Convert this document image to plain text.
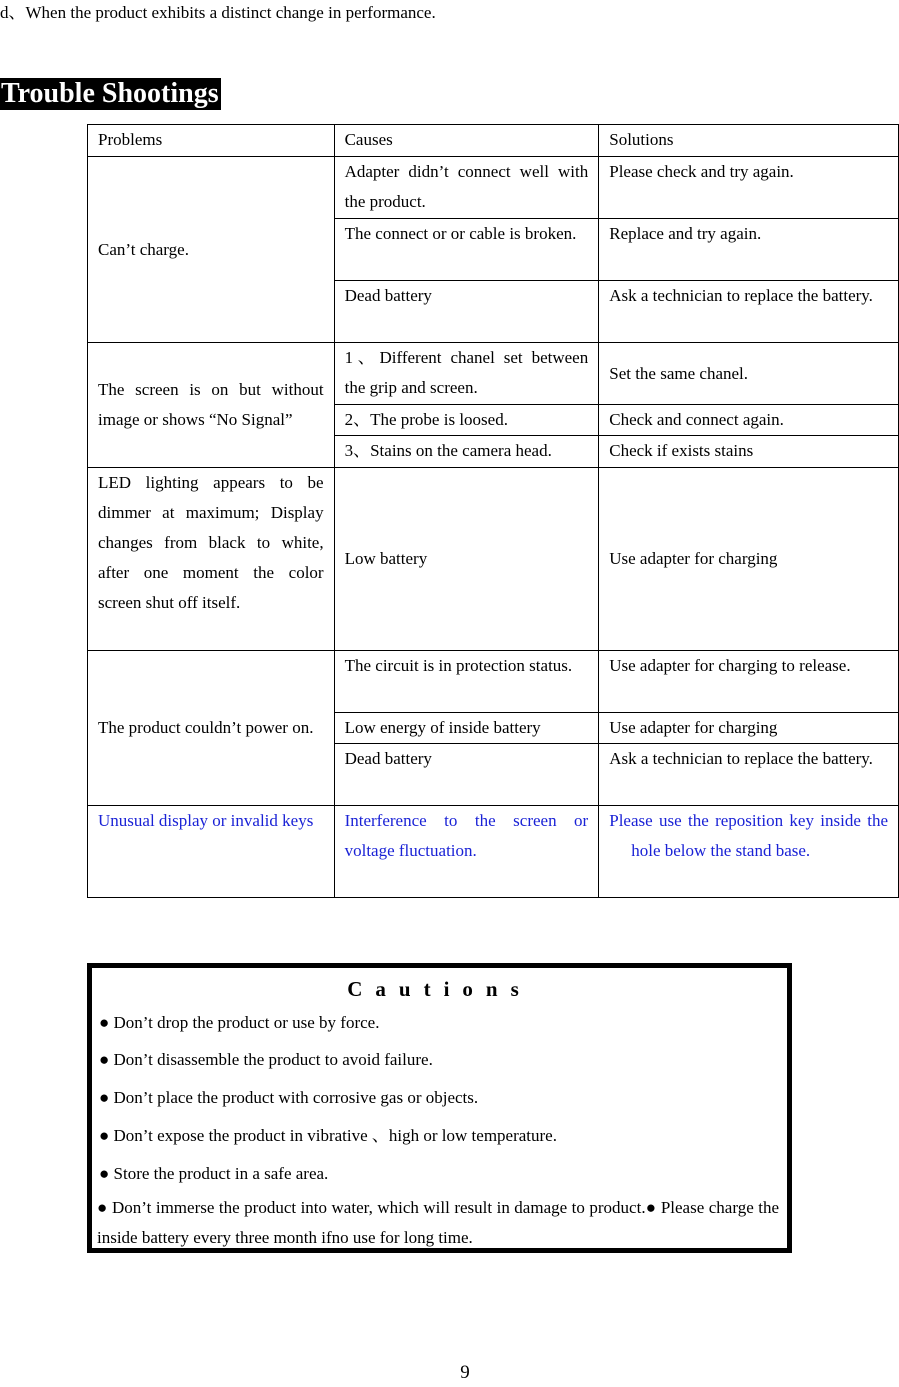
d、When the product exhibits a distinct change in performance.
Trouble Shootings
Problems	Causes	Solutions
Can’t charge.	Adapter didn’t connect well with the product.	Please check and try again.
	The connect or or cable is broken.	Replace and try again.
	Dead battery	Ask a technician to replace the battery.
The screen is on but without image or shows “No Signal”	1、Different chanel set between the grip and screen.	Set the same chanel.
	2、The probe is loosed.	Check and connect again.
	3、Stains on the camera head.	Check if exists stains
LED lighting appears to be dimmer at maximum; Display changes from black to white, after one moment the color screen shut off itself.	Low battery	Use adapter for charging
The product couldn’t power on.	The circuit is in protection status.	Use adapter for charging to release.
	Low energy of inside battery	Use adapter for charging
	Dead battery	Ask a technician to replace the battery.
Unusual display or invalid keys	Interference to the screen or voltage fluctuation.	Please use the reposition key inside the hole below the stand base.
Cautions
● Don’t drop the product or use by force.
● Don’t disassemble the product to avoid failure.
● Don’t place the product with corrosive gas or objects.
● Don’t expose the product in vibrative 、high or low temperature.
● Store the product in a safe area.
● Don’t immerse the product into water, which will result in damage to product.● Please charge the inside battery every three month ifno use for long time.
9
